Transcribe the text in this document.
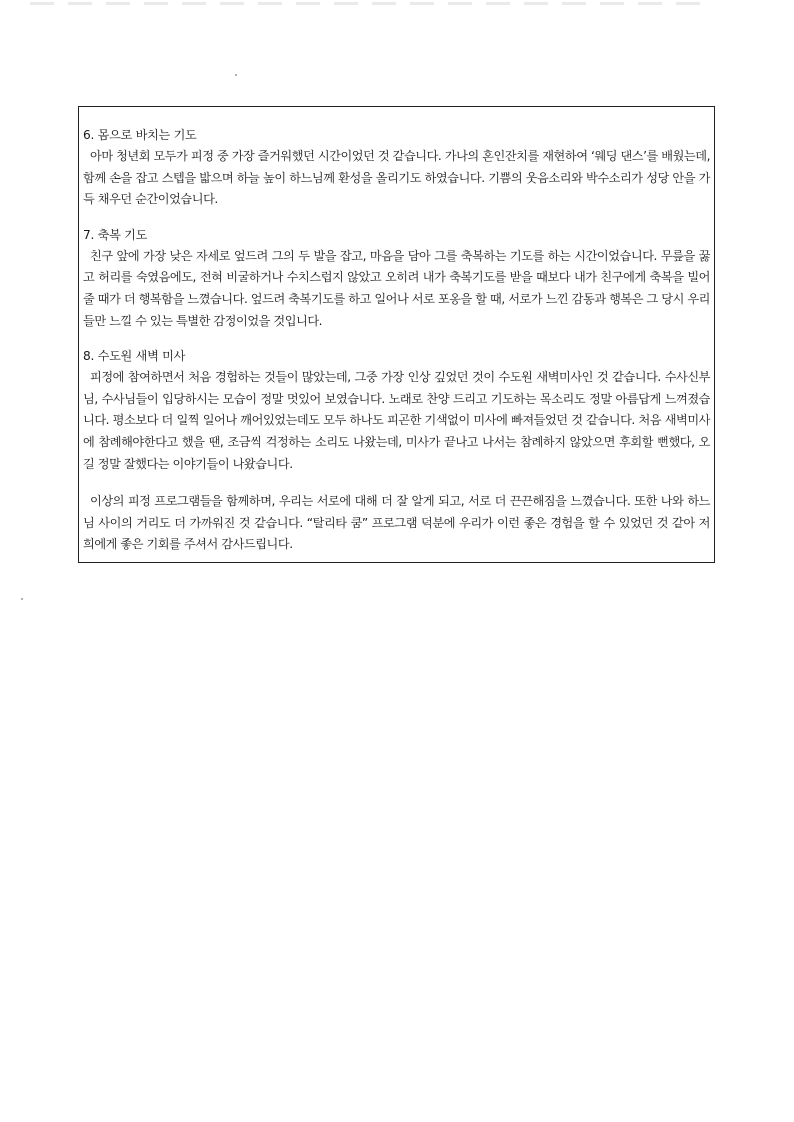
6. 몸으로 바치는 기도

아마 청년회 모두가 피정 중 가장 즐거워했던 시간이었던 것 같습니다. 가나의 혼인잔치를 재현하여 ‘웨딩 댄스’를 배웠는데, 함께 손을 잡고 스텝을 밟으며 하늘 높이 하느님께 환성을 올리기도 하였습니다. 기쁨의 웃음소리와 박수소리가 성당 안을 가득 채우던 순간이었습니다.

7. 축복 기도

친구 앞에 가장 낮은 자세로 엎드려 그의 두 발을 잡고, 마음을 담아 그를 축복하는 기도를 하는 시간이었습니다. 무릎을 꿇고 허리를 숙였음에도, 전혀 비굴하거나 수치스럽지 않았고 오히려 내가 축복기도를 받을 때보다 내가 친구에게 축복을 빌어줄 때가 더 행복함을 느꼈습니다. 엎드려 축복기도를 하고 일어나 서로 포옹을 할 때, 서로가 느낀 감동과 행복은 그 당시 우리들만 느낄 수 있는 특별한 감정이었을 것입니다.

8. 수도원 새벽 미사

피정에 참여하면서 처음 경험하는 것들이 많았는데, 그중 가장 인상 깊었던 것이 수도원 새벽미사인 것 같습니다. 수사신부님, 수사님들이 입당하시는 모습이 정말 멋있어 보였습니다. 노래로 찬양 드리고 기도하는 목소리도 정말 아름답게 느껴졌습니다. 평소보다 더 일찍 일어나 깨어있었는데도 모두 하나도 피곤한 기색없이 미사에 빠져들었던 것 같습니다. 처음 새벽미사에 참례해야한다고 했을 땐, 조금씩 걱정하는 소리도 나왔는데, 미사가 끝나고 나서는 참례하지 않았으면 후회할 뻔했다, 오길 정말 잘했다는 이야기들이 나왔습니다.

이상의 피정 프로그램들을 함께하며, 우리는 서로에 대해 더 잘 알게 되고, 서로 더 끈끈해짐을 느꼈습니다. 또한 나와 하느님 사이의 거리도 더 가까워진 것 같습니다. “탈리타 쿰” 프로그램 덕분에 우리가 이런 좋은 경험을 할 수 있었던 것 같아 저희에게 좋은 기회를 주셔서 감사드립니다.
